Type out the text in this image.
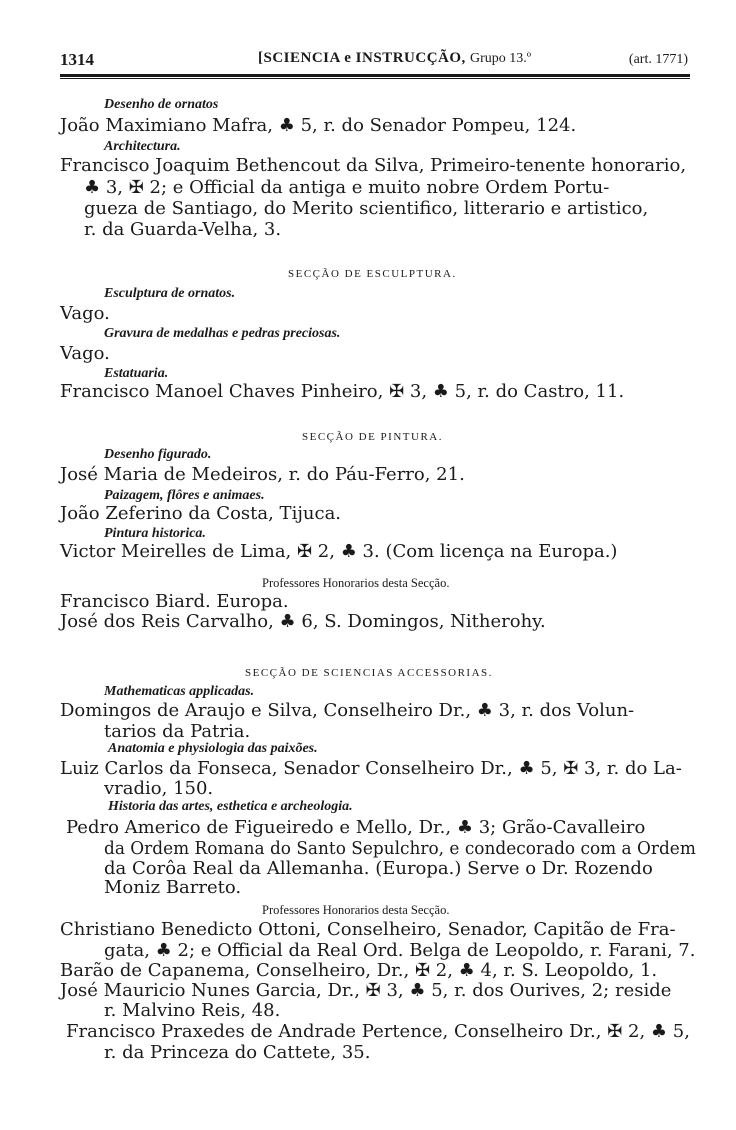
1314	[SCIENCIA e INSTRUCÇÃO, Grupo 13.º	(art. 1771)
Desenho de ornatos
João Maximiano Mafra, ♣ 5, r. do Senador Pompeu, 124.
Architectura.
Francisco Joaquim Bethencout da Silva, Primeiro-tenente honorario,
♣ 3, ✠ 2; e Official da antiga e muito nobre Ordem Portu-
gueza de Santiago, do Merito scientifico, litterario e artistico,
r. da Guarda-Velha, 3.
SECÇÃO DE ESCULPTURA.
Esculptura de ornatos.
Vago.
Gravura de medalhas e pedras preciosas.
Vago.
Estatuaria.
Francisco Manoel Chaves Pinheiro, ✠ 3, ♣ 5, r. do Castro, 11.
SECÇÃO DE PINTURA.
Desenho figurado.
José Maria de Medeiros, r. do Páu-Ferro, 21.
Paizagem, flôres e animaes.
João Zeferino da Costa, Tijuca.
Pintura historica.
Victor Meirelles de Lima, ✠ 2, ♣ 3. (Com licença na Europa.)
Professores Honorarios desta Secção.
Francisco Biard. Europa.
José dos Reis Carvalho, ♣ 6, S. Domingos, Nitherohy.
SECÇÃO DE SCIENCIAS ACCESSORIAS.
Mathematicas applicadas.
Domingos de Araujo e Silva, Conselheiro Dr., ♣ 3, r. dos Volun-
tarios da Patria.
Anatomia e physiologia das paixões.
Luiz Carlos da Fonseca, Senador Conselheiro Dr., ♣ 5, ✠ 3, r. do La-
vradio, 150.
Historia das artes, esthetica e archeologia.
Pedro Americo de Figueiredo e Mello, Dr., ♣ 3; Grão-Cavalleiro
da Ordem Romana do Santo Sepulchro, e condecorado com a Ordem
da Corôa Real da Allemanha. (Europa.) Serve o Dr. Rozendo
Moniz Barreto.
Professores Honorarios desta Secção.
Christiano Benedicto Ottoni, Conselheiro, Senador, Capitão de Fra-
gata, ♣ 2; e Official da Real Ord. Belga de Leopoldo, r. Farani, 7.
Barão de Capanema, Conselheiro, Dr., ✠ 2, ♣ 4, r. S. Leopoldo, 1.
José Mauricio Nunes Garcia, Dr., ✠ 3, ♣ 5, r. dos Ourives, 2; reside
r. Malvino Reis, 48.
Francisco Praxedes de Andrade Pertence, Conselheiro Dr., ✠ 2, ♣ 5,
r. da Princeza do Cattete, 35.
